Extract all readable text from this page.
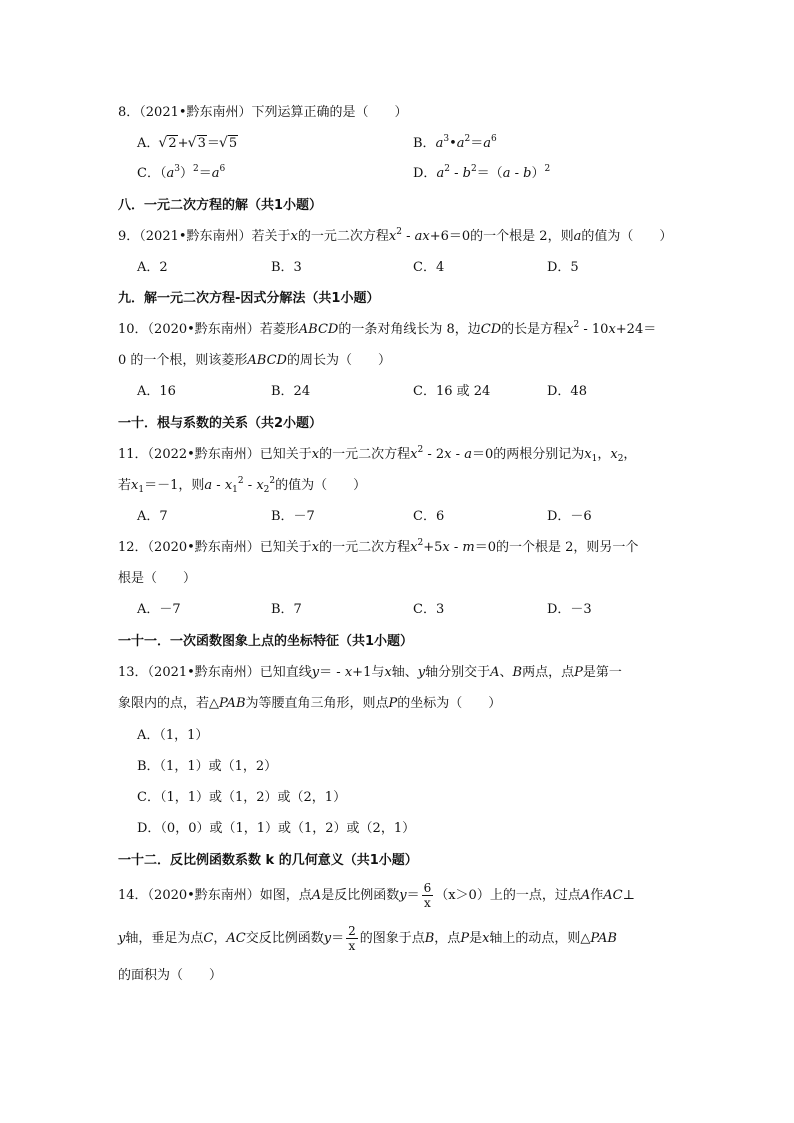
8．（2021•黔东南州）下列运算正确的是（　　）
A． √ 2+ √ 3＝ √ 5	B．$a^3•a^2=a^6$
C．$(a^3)^2=a^6$	D．$a^2 - b^2=(a - b)^2$
八．一元二次方程的解（共1小题）
9．（2021•黔东南州）若关于x的一元二次方程$x^2 - ax+6=0$的一个根是 2，则a的值为（　　）
A．2	B．3	C．4	D．5
九．解一元二次方程-因式分解法（共1小题）
10．（2020•黔东南州）若菱形ABCD的一条对角线长为 8，边CD的长是方程$x^2 - 10x+24=$
0 的一个根，则该菱形ABCD的周长为（　　）
A．16	B．24	C．16 或 24	D．48
一十．根与系数的关系（共2小题）
11．（2022•黔东南州）已知关于x的一元二次方程$x^2 - 2x - a=0$的两根分别记为$x_1$，$x_2$，
若$x_1=-1$，则a - $x_1^2 - x_2^2$的值为（　　）
A．7	B．－7	C．6	D．－6
12．（2020•黔东南州）已知关于x的一元二次方程$x^2+5x - m=0$的一个根是 2，则另一个
根是（　　）
A．－7	B．7	C．3	D．－3
一十一．一次函数图象上点的坐标特征（共1小题）
13．（2021•黔东南州）已知直线y＝ - x+1与x轴、y轴分别交于A、B两点，点P是第一
象限内的点，若△PAB为等腰直角三角形，则点P的坐标为（　　）
A．（1，1）
B．（1，1）或（1，2）
C．（1，1）或（1，2）或（2，1）
D．（0，0）或（1，1）或（1，2）或（2，1）
一十二．反比例函数系数 k 的几何意义（共1小题）
14．（2020•黔东南州）如图，点A是反比例函数$y= \frac{6}{x} (x>0)$上的一点，过点A作AC⊥
y轴，垂足为点C，AC交反比例函数$y= \frac{2}{x}$ 的图象于点B，点P是x轴上的动点，则△PAB
的面积为（　　）
